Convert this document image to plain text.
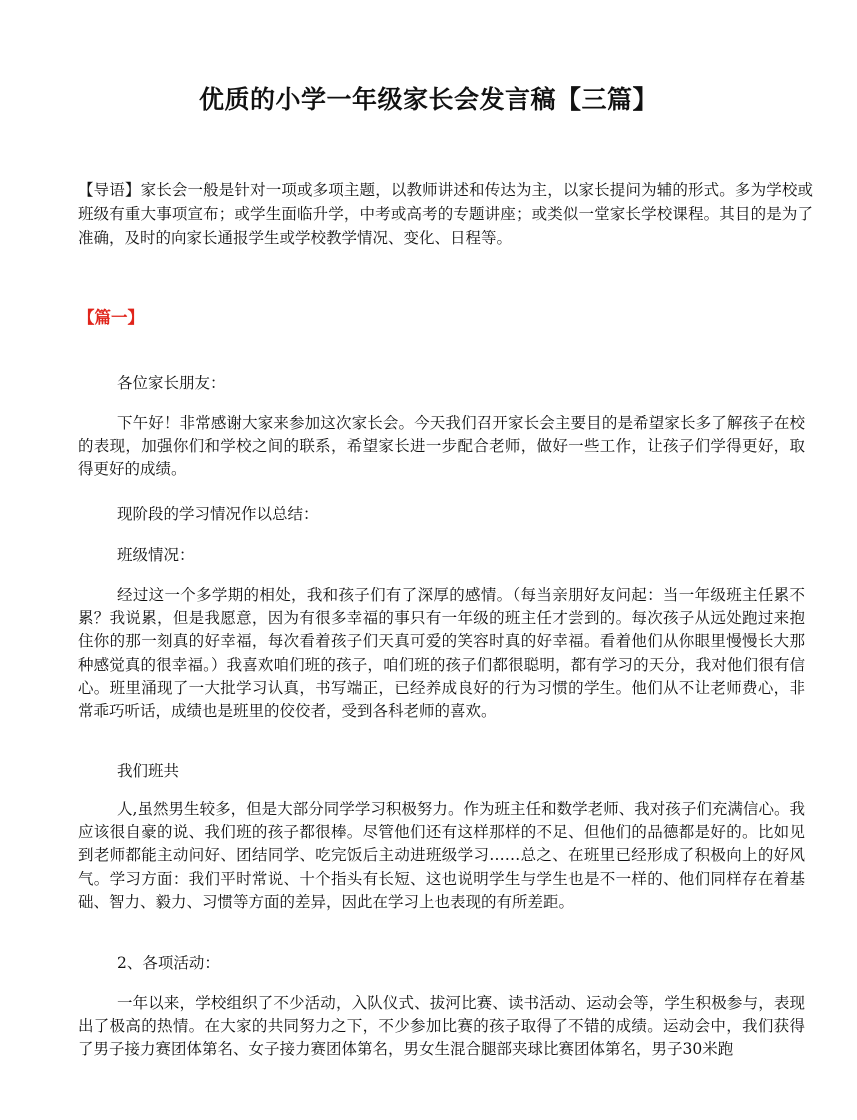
优质的小学一年级家长会发言稿【三篇】
【导语】家长会一般是针对一项或多项主题，以教师讲述和传达为主，以家长提问为辅的形式。多为学校或班级有重大事项宣布；或学生面临升学，中考或高考的专题讲座；或类似一堂家长学校课程。其目的是为了准确，及时的向家长通报学生或学校教学情况、变化、日程等。
【篇一】
各位家长朋友：
下午好！非常感谢大家来参加这次家长会。今天我们召开家长会主要目的是希望家长多了解孩子在校的表现，加强你们和学校之间的联系，希望家长进一步配合老师，做好一些工作，让孩子们学得更好，取得更好的成绩。
现阶段的学习情况作以总结：
班级情况：
经过这一个多学期的相处，我和孩子们有了深厚的感情。（每当亲朋好友问起：当一年级班主任累不累？我说累，但是我愿意，因为有很多幸福的事只有一年级的班主任才尝到的。每次孩子从远处跑过来抱住你的那一刻真的好幸福，每次看着孩子们天真可爱的笑容时真的好幸福。看着他们从你眼里慢慢长大那种感觉真的很幸福。）我喜欢咱们班的孩子，咱们班的孩子们都很聪明，都有学习的天分，我对他们很有信心。班里涌现了一大批学习认真，书写端正，已经养成良好的行为习惯的学生。他们从不让老师费心，非常乖巧听话，成绩也是班里的佼佼者，受到各科老师的喜欢。
我们班共
人,虽然男生较多，但是大部分同学学习积极努力。作为班主任和数学老师、我对孩子们充满信心。我应该很自豪的说、我们班的孩子都很棒。尽管他们还有这样那样的不足、但他们的品德都是好的。比如见到老师都能主动问好、团结同学、吃完饭后主动进班级学习……总之、在班里已经形成了积极向上的好风气。学习方面：我们平时常说、十个指头有长短、这也说明学生与学生也是不一样的、他们同样存在着基础、智力、毅力、习惯等方面的差异，因此在学习上也表现的有所差距。
2、各项活动：
一年以来，学校组织了不少活动，入队仪式、拔河比赛、读书活动、运动会等，学生积极参与，表现出了极高的热情。在大家的共同努力之下，不少参加比赛的孩子取得了不错的成绩。运动会中，我们获得了男子接力赛团体第名、女子接力赛团体第名，男女生混合腿部夹球比赛团体第名，男子30米跑
